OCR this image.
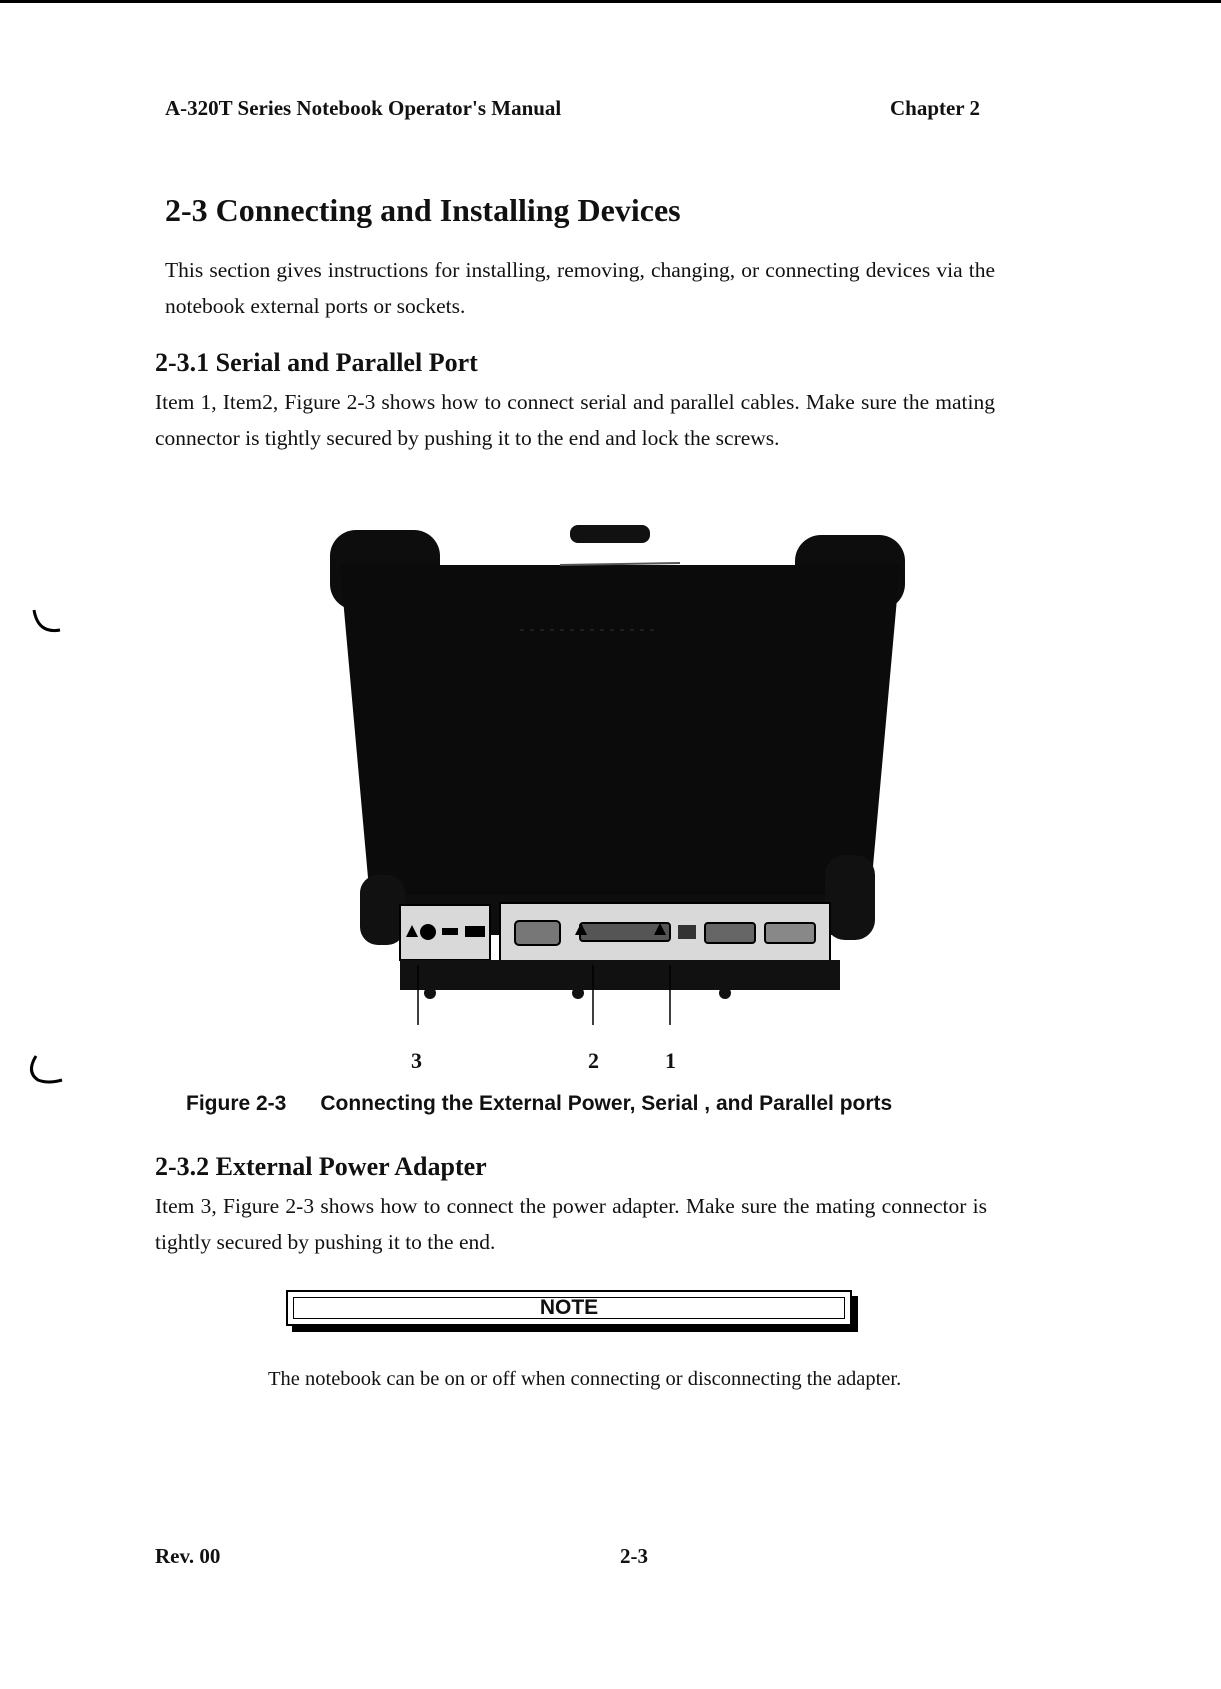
A-320T Series Notebook Operator's Manual	Chapter 2
2-3 Connecting and Installing Devices

This section gives instructions for installing, removing, changing, or connecting devices via the notebook external ports or sockets.

2-3.1 Serial and Parallel Port

Item 1, Item2, Figure 2-3 shows how to connect serial and parallel cables. Make sure the mating connector is tightly secured by pushing it to the end and lock the screws.

3	2	1
Figure 2-3 Connecting the External Power, Serial , and Parallel ports
2-3.2 External Power Adapter

Item 3, Figure 2-3 shows how to connect the power adapter. Make sure the mating connector is tightly secured by pushing it to the end.

NOTE

The notebook can be on or off when connecting or disconnecting the adapter.

Rev. 00	2-3
